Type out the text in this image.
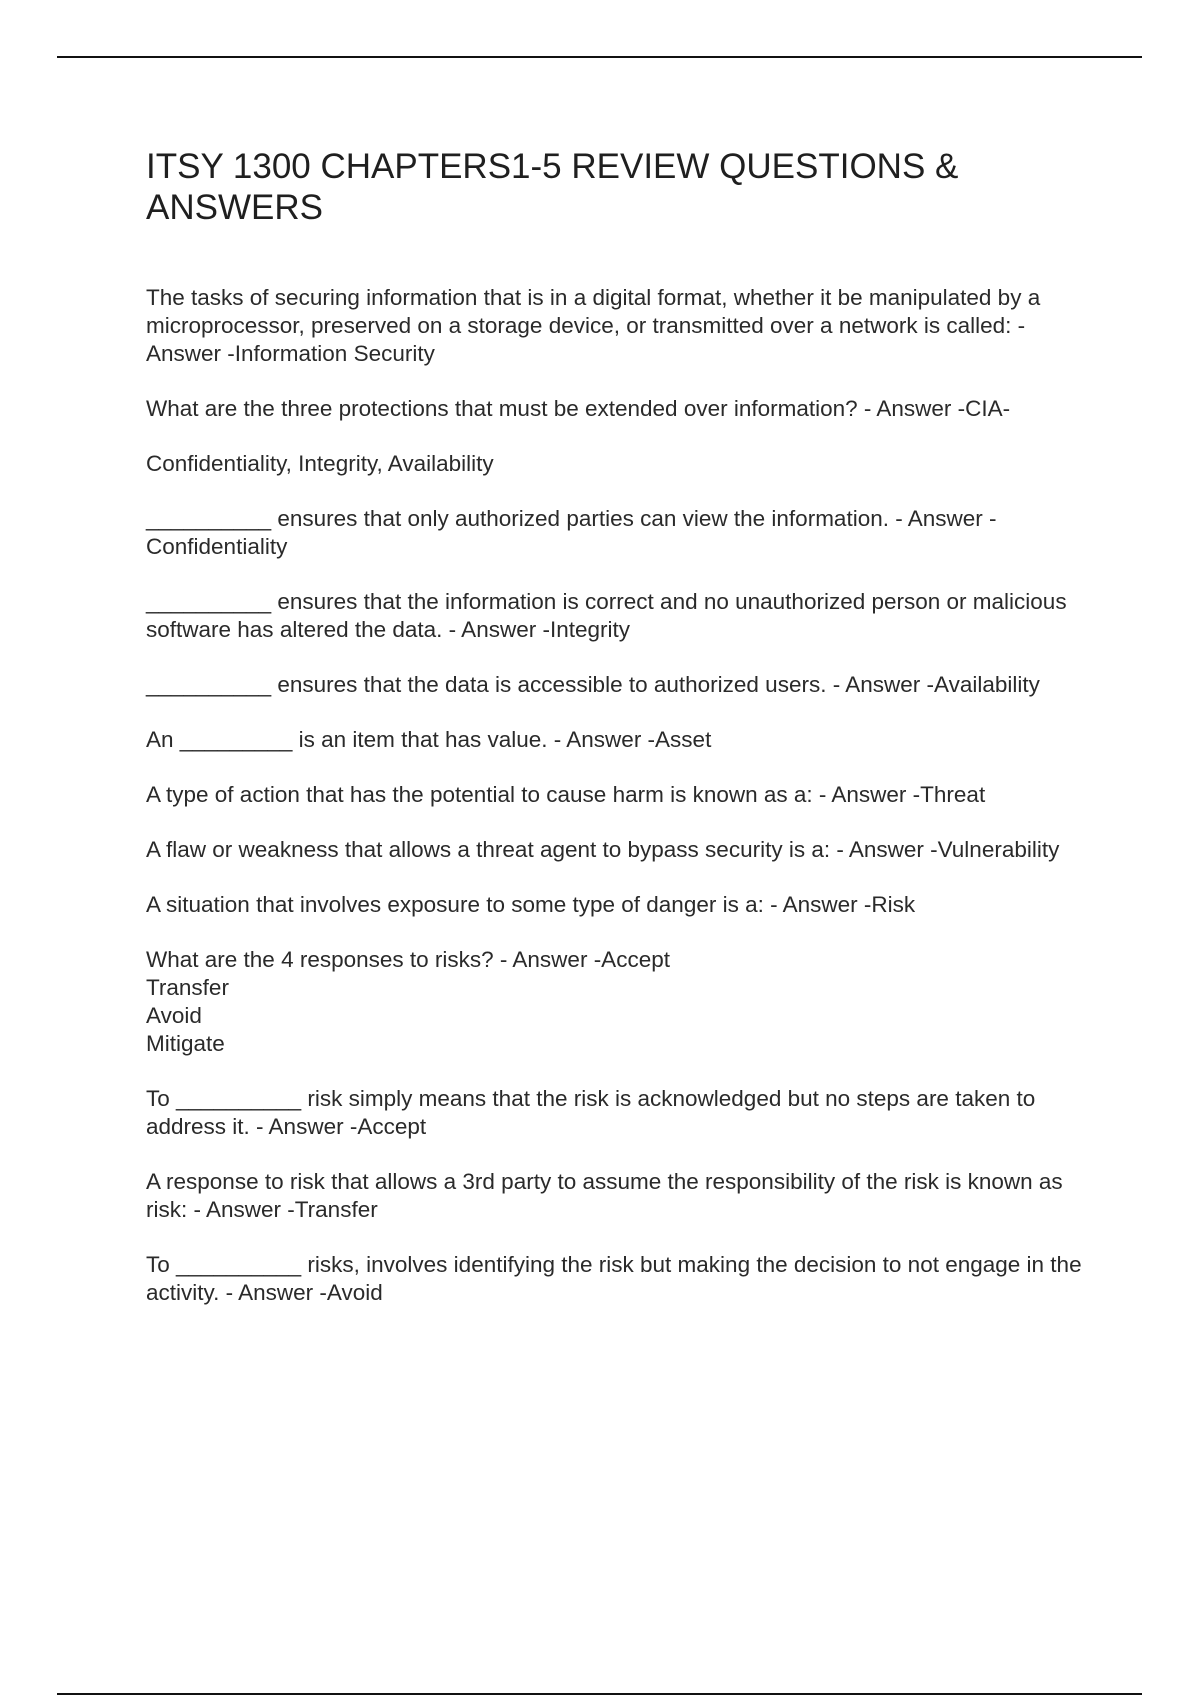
ITSY 1300 CHAPTERS1-5 REVIEW QUESTIONS & ANSWERS

The tasks of securing information that is in a digital format, whether it be manipulated by a microprocessor, preserved on a storage device, or transmitted over a network is called: - Answer -Information Security

What are the three protections that must be extended over information? - Answer -CIA-

Confidentiality, Integrity, Availability

__________ ensures that only authorized parties can view the information. - Answer -Confidentiality

__________ ensures that the information is correct and no unauthorized person or malicious software has altered the data. - Answer -Integrity

__________ ensures that the data is accessible to authorized users. - Answer -Availability

An _________ is an item that has value. - Answer -Asset

A type of action that has the potential to cause harm is known as a: - Answer -Threat

A flaw or weakness that allows a threat agent to bypass security is a: - Answer -Vulnerability

A situation that involves exposure to some type of danger is a: - Answer -Risk

What are the 4 responses to risks? - Answer -Accept
Transfer
Avoid
Mitigate

To __________ risk simply means that the risk is acknowledged but no steps are taken to address it. - Answer -Accept

A response to risk that allows a 3rd party to assume the responsibility of the risk is known as risk: - Answer -Transfer

To __________ risks, involves identifying the risk but making the decision to not engage in the activity. - Answer -Avoid
